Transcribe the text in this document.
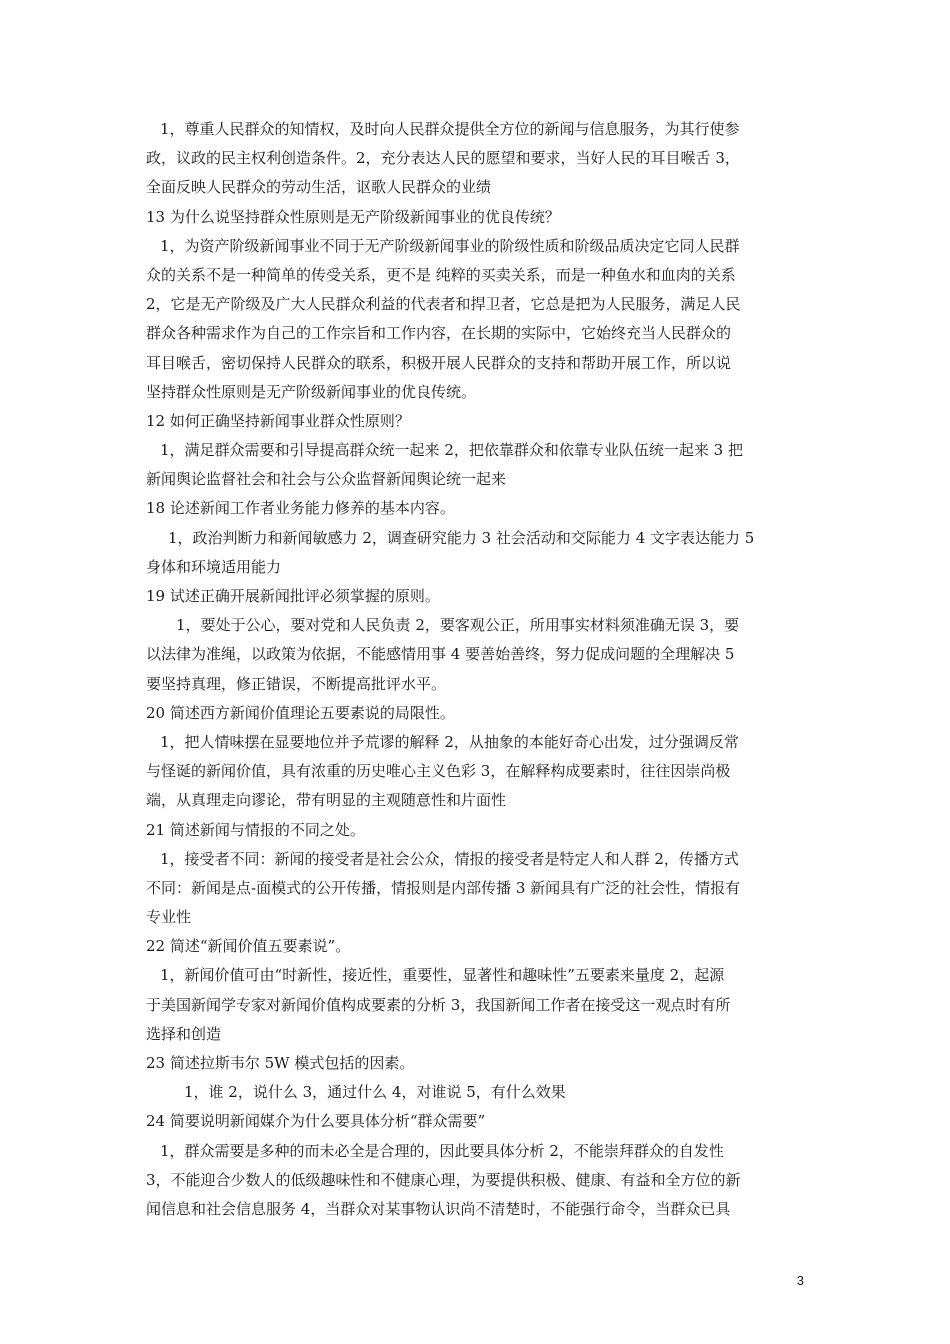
1，尊重人民群众的知情权，及时向人民群众提供全方位的新闻与信息服务，为其行使参
政，议政的民主权利创造条件。2，充分表达人民的愿望和要求，当好人民的耳目喉舌 3，
全面反映人民群众的劳动生活，讴歌人民群众的业绩
13 为什么说坚持群众性原则是无产阶级新闻事业的优良传统？
1，为资产阶级新闻事业不同于无产阶级新闻事业的阶级性质和阶级品质决定它同人民群
众的关系不是一种简单的传受关系，更不是 纯粹的买卖关系，而是一种鱼水和血肉的关系
2，它是无产阶级及广大人民群众利益的代表者和捍卫者，它总是把为人民服务，满足人民
群众各种需求作为自己的工作宗旨和工作内容，在长期的实际中，它始终充当人民群众的
耳目喉舌，密切保持人民群众的联系，积极开展人民群众的支持和帮助开展工作，所以说
坚持群众性原则是无产阶级新闻事业的优良传统。
12 如何正确坚持新闻事业群众性原则？
1，满足群众需要和引导提高群众统一起来 2，把依靠群众和依靠专业队伍统一起来 3 把
新闻舆论监督社会和社会与公众监督新闻舆论统一起来
18 论述新闻工作者业务能力修养的基本内容。
1，政治判断力和新闻敏感力 2，调查研究能力 3 社会活动和交际能力 4 文字表达能力 5
身体和环境适用能力
19 试述正确开展新闻批评必须掌握的原则。
1，要处于公心，要对党和人民负责 2，要客观公正，所用事实材料须准确无误 3，要
以法律为准绳，以政策为依据，不能感情用事 4 要善始善终，努力促成问题的全理解决 5
要坚持真理，修正错误，不断提高批评水平。
20 简述西方新闻价值理论五要素说的局限性。
1，把人情味摆在显要地位并予荒谬的解释 2，从抽象的本能好奇心出发，过分强调反常
与怪诞的新闻价值，具有浓重的历史唯心主义色彩 3，在解释构成要素时，往往因崇尚极
端，从真理走向谬论，带有明显的主观随意性和片面性
21 简述新闻与情报的不同之处。
1，接受者不同：新闻的接受者是社会公众，情报的接受者是特定人和人群 2，传播方式
不同：新闻是点-面模式的公开传播，情报则是内部传播 3 新闻具有广泛的社会性，情报有
专业性
22 简述“新闻价值五要素说”。
1，新闻价值可由“时新性，接近性，重要性，显著性和趣味性”五要素来量度 2，起源
于美国新闻学专家对新闻价值构成要素的分析 3，我国新闻工作者在接受这一观点时有所
选择和创造
23 简述拉斯韦尔 5W 模式包括的因素。
1，谁 2，说什么 3，通过什么 4，对谁说 5，有什么效果
24 简要说明新闻媒介为什么要具体分析“群众需要”
1，群众需要是多种的而未必全是合理的，因此要具体分析 2，不能崇拜群众的自发性
3，不能迎合少数人的低级趣味性和不健康心理，为要提供积极、健康、有益和全方位的新
闻信息和社会信息服务 4，当群众对某事物认识尚不清楚时，不能强行命令，当群众已具
3
